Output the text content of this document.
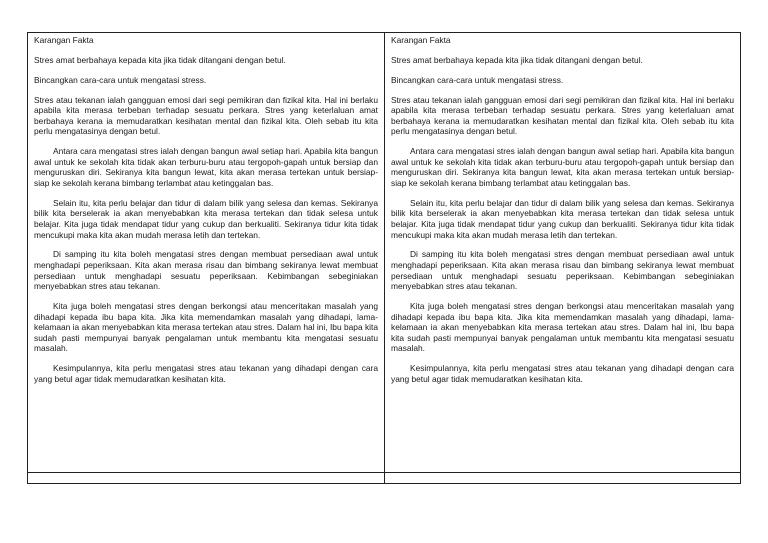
Karangan Fakta

Stres amat berbahaya kepada kita jika tidak ditangani dengan betul.

Bincangkan cara-cara untuk mengatasi stress.

Stres atau tekanan ialah gangguan emosi dari segi pemikiran dan fizikal kita. Hal ini berlaku apabila kita merasa terbeban terhadap sesuatu perkara. Stres yang keterlaluan amat berbahaya kerana ia memudaratkan kesihatan mental dan fizikal kita. Oleh sebab itu kita perlu mengatasinya dengan betul.

Antara cara mengatasi stres ialah dengan bangun awal setiap hari. Apabila kita bangun awal untuk ke sekolah kita tidak akan terburu-buru atau tergopoh-gapah untuk bersiap dan menguruskan diri. Sekiranya kita bangun lewat, kita akan merasa tertekan untuk bersiap-siap ke sekolah kerana bimbang terlambat atau ketinggalan bas.

Selain itu, kita perlu belajar dan tidur di dalam bilik yang selesa dan kemas. Sekiranya bilik kita berselerak ia akan menyebabkan kita merasa tertekan dan tidak selesa untuk belajar. Kita juga tidak mendapat tidur yang cukup dan berkualiti. Sekiranya tidur kita tidak mencukupi maka kita akan mudah merasa letih dan tertekan.

Di samping itu kita boleh mengatasi stres dengan membuat persediaan awal untuk menghadapi peperiksaan. Kita akan merasa risau dan bimbang sekiranya lewat membuat persediaan untuk menghadapi sesuatu peperiksaan. Kebimbangan sebeginiakan menyebabkan stres atau tekanan.

Kita juga boleh mengatasi stres dengan berkongsi atau menceritakan masalah yang dihadapi kepada ibu bapa kita. Jika kita memendamkan masalah yang dihadapi, lama-kelamaan ia akan menyebabkan kita merasa tertekan atau stres. Dalam hal ini, Ibu bapa kita sudah pasti mempunyai banyak pengalaman untuk membantu kita mengatasi sesuatu masalah.

Kesimpulannya, kita perlu mengatasi stres atau tekanan yang dihadapi dengan cara yang betul agar tidak memudaratkan kesihatan kita.

Karangan Fakta

Stres amat berbahaya kepada kita jika tidak ditangani dengan betul.

Bincangkan cara-cara untuk mengatasi stress.

Stres atau tekanan ialah gangguan emosi dari segi pemikiran dan fizikal kita. Hal ini berlaku apabila kita merasa terbeban terhadap sesuatu perkara. Stres yang keterlaluan amat berbahaya kerana ia memudaratkan kesihatan mental dan fizikal kita. Oleh sebab itu kita perlu mengatasinya dengan betul.

Antara cara mengatasi stres ialah dengan bangun awal setiap hari. Apabila kita bangun awal untuk ke sekolah kita tidak akan terburu-buru atau tergopoh-gapah untuk bersiap dan menguruskan diri. Sekiranya kita bangun lewat, kita akan merasa tertekan untuk bersiap-siap ke sekolah kerana bimbang terlambat atau ketinggalan bas.

Selain itu, kita perlu belajar dan tidur di dalam bilik yang selesa dan kemas. Sekiranya bilik kita berselerak ia akan menyebabkan kita merasa tertekan dan tidak selesa untuk belajar. Kita juga tidak mendapat tidur yang cukup dan berkualiti. Sekiranya tidur kita tidak mencukupi maka kita akan mudah merasa letih dan tertekan.

Di samping itu kita boleh mengatasi stres dengan membuat persediaan awal untuk menghadapi peperiksaan. Kita akan merasa risau dan bimbang sekiranya lewat membuat persediaan untuk menghadapi sesuatu peperiksaan. Kebimbangan sebeginiakan menyebabkan stres atau tekanan.

Kita juga boleh mengatasi stres dengan berkongsi atau menceritakan masalah yang dihadapi kepada ibu bapa kita. Jika kita memendamkan masalah yang dihadapi, lama-kelamaan ia akan menyebabkan kita merasa tertekan atau stres. Dalam hal ini, Ibu bapa kita sudah pasti mempunyai banyak pengalaman untuk membantu kita mengatasi sesuatu masalah.

Kesimpulannya, kita perlu mengatasi stres atau tekanan yang dihadapi dengan cara yang betul agar tidak memudaratkan kesihatan kita.
